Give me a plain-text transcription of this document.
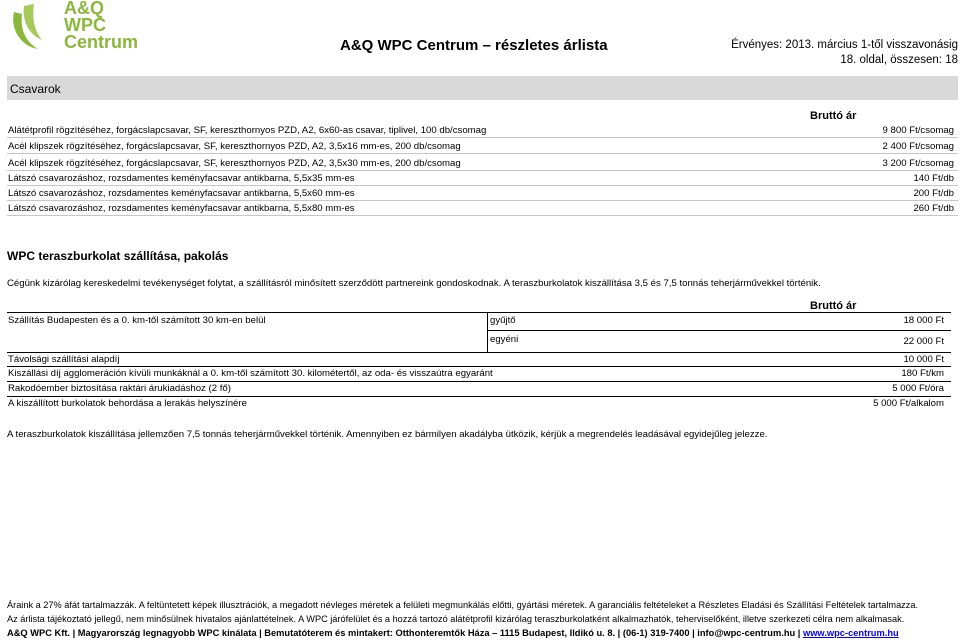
A&Q
WPC
Centrum	A&Q WPC Centrum – részletes árlista	Érvényes: 2013. március 1-től visszavonásig
18. oldal, összesen: 18
Csavarok
Bruttó ár
Alátétprofil rögzítéséhez, forgácslapcsavar, SF, kereszthornyos PZD, A2, 6x60-as csavar, tiplivel, 100 db/csomag	9 800 Ft/csomag
Acél klipszek rögzítéséhez, forgácslapcsavar, SF, kereszthornyos PZD, A2, 3,5x16 mm-es, 200 db/csomag	2 400 Ft/csomag
Acél klipszek rögzítéséhez, forgácslapcsavar, SF, kereszthornyos PZD, A2, 3,5x30 mm-es, 200 db/csomag	3 200 Ft/csomag
Látszó csavarozáshoz, rozsdamentes keményfacsavar antikbarna, 5,5x35 mm-es	140 Ft/db
Látszó csavarozáshoz, rozsdamentes keményfacsavar antikbarna, 5,5x60 mm-es	200 Ft/db
Látszó csavarozáshoz, rozsdamentes keményfacsavar antikbarna, 5,5x80 mm-es	260 Ft/db
WPC teraszburkolat szállítása, pakolás
Cégünk kizárólag kereskedelmi tevékenységet folytat, a szállításról minősített szerződött partnereink gondoskodnak. A teraszburkolatok kiszállítása 3,5 és 7,5 tonnás teherjárművekkel történik.
Bruttó ár
Szállítás Budapesten és a 0. km-től számított 30 km-en belül	gyűjtő	18 000 Ft
egyéni	22 000 Ft
Távolsági szállítási alapdíj	10 000 Ft
Kiszállási díj agglomeráción kívüli munkáknál a 0. km-től számított 30. kilométertől, az oda- és visszaútra egyaránt	180 Ft/km
Rakodóember biztosítása raktári árukiadáshoz (2 fő)	5 000 Ft/óra
A kiszállított burkolatok behordása a lerakás helyszínére	5 000 Ft/alkalom
A teraszburkolatok kiszállítása jellemzően 7,5 tonnás teherjárművekkel történik. Amennyiben ez bármilyen akadályba ütközik, kérjük a megrendelés leadásával egyidejűleg jelezze.
Áraink a 27% áfát tartalmazzák. A feltüntetett képek illusztrációk, a megadott névleges méretek a felületi megmunkálás előtti, gyártási méretek. A garanciális feltételeket a Részletes Eladási és Szállítási Feltételek tartalmazza.
Az árlista tájékoztató jellegű, nem minősülnek hivatalos ajánlattételnek. A WPC járófelület és a hozzá tartozó alátétprofil kizárólag teraszburkolatként alkalmazhatók, teherviselőként, illetve szerkezeti célra nem alkalmasak.
A&Q WPC Kft. | Magyarország legnagyobb WPC kinálata | Bemutatóterem és mintakert: Otthonteremtők Háza – 1115 Budapest, Ildikó u. 8. | (06-1) 319-7400 | info@wpc-centrum.hu | www.wpc-centrum.hu
